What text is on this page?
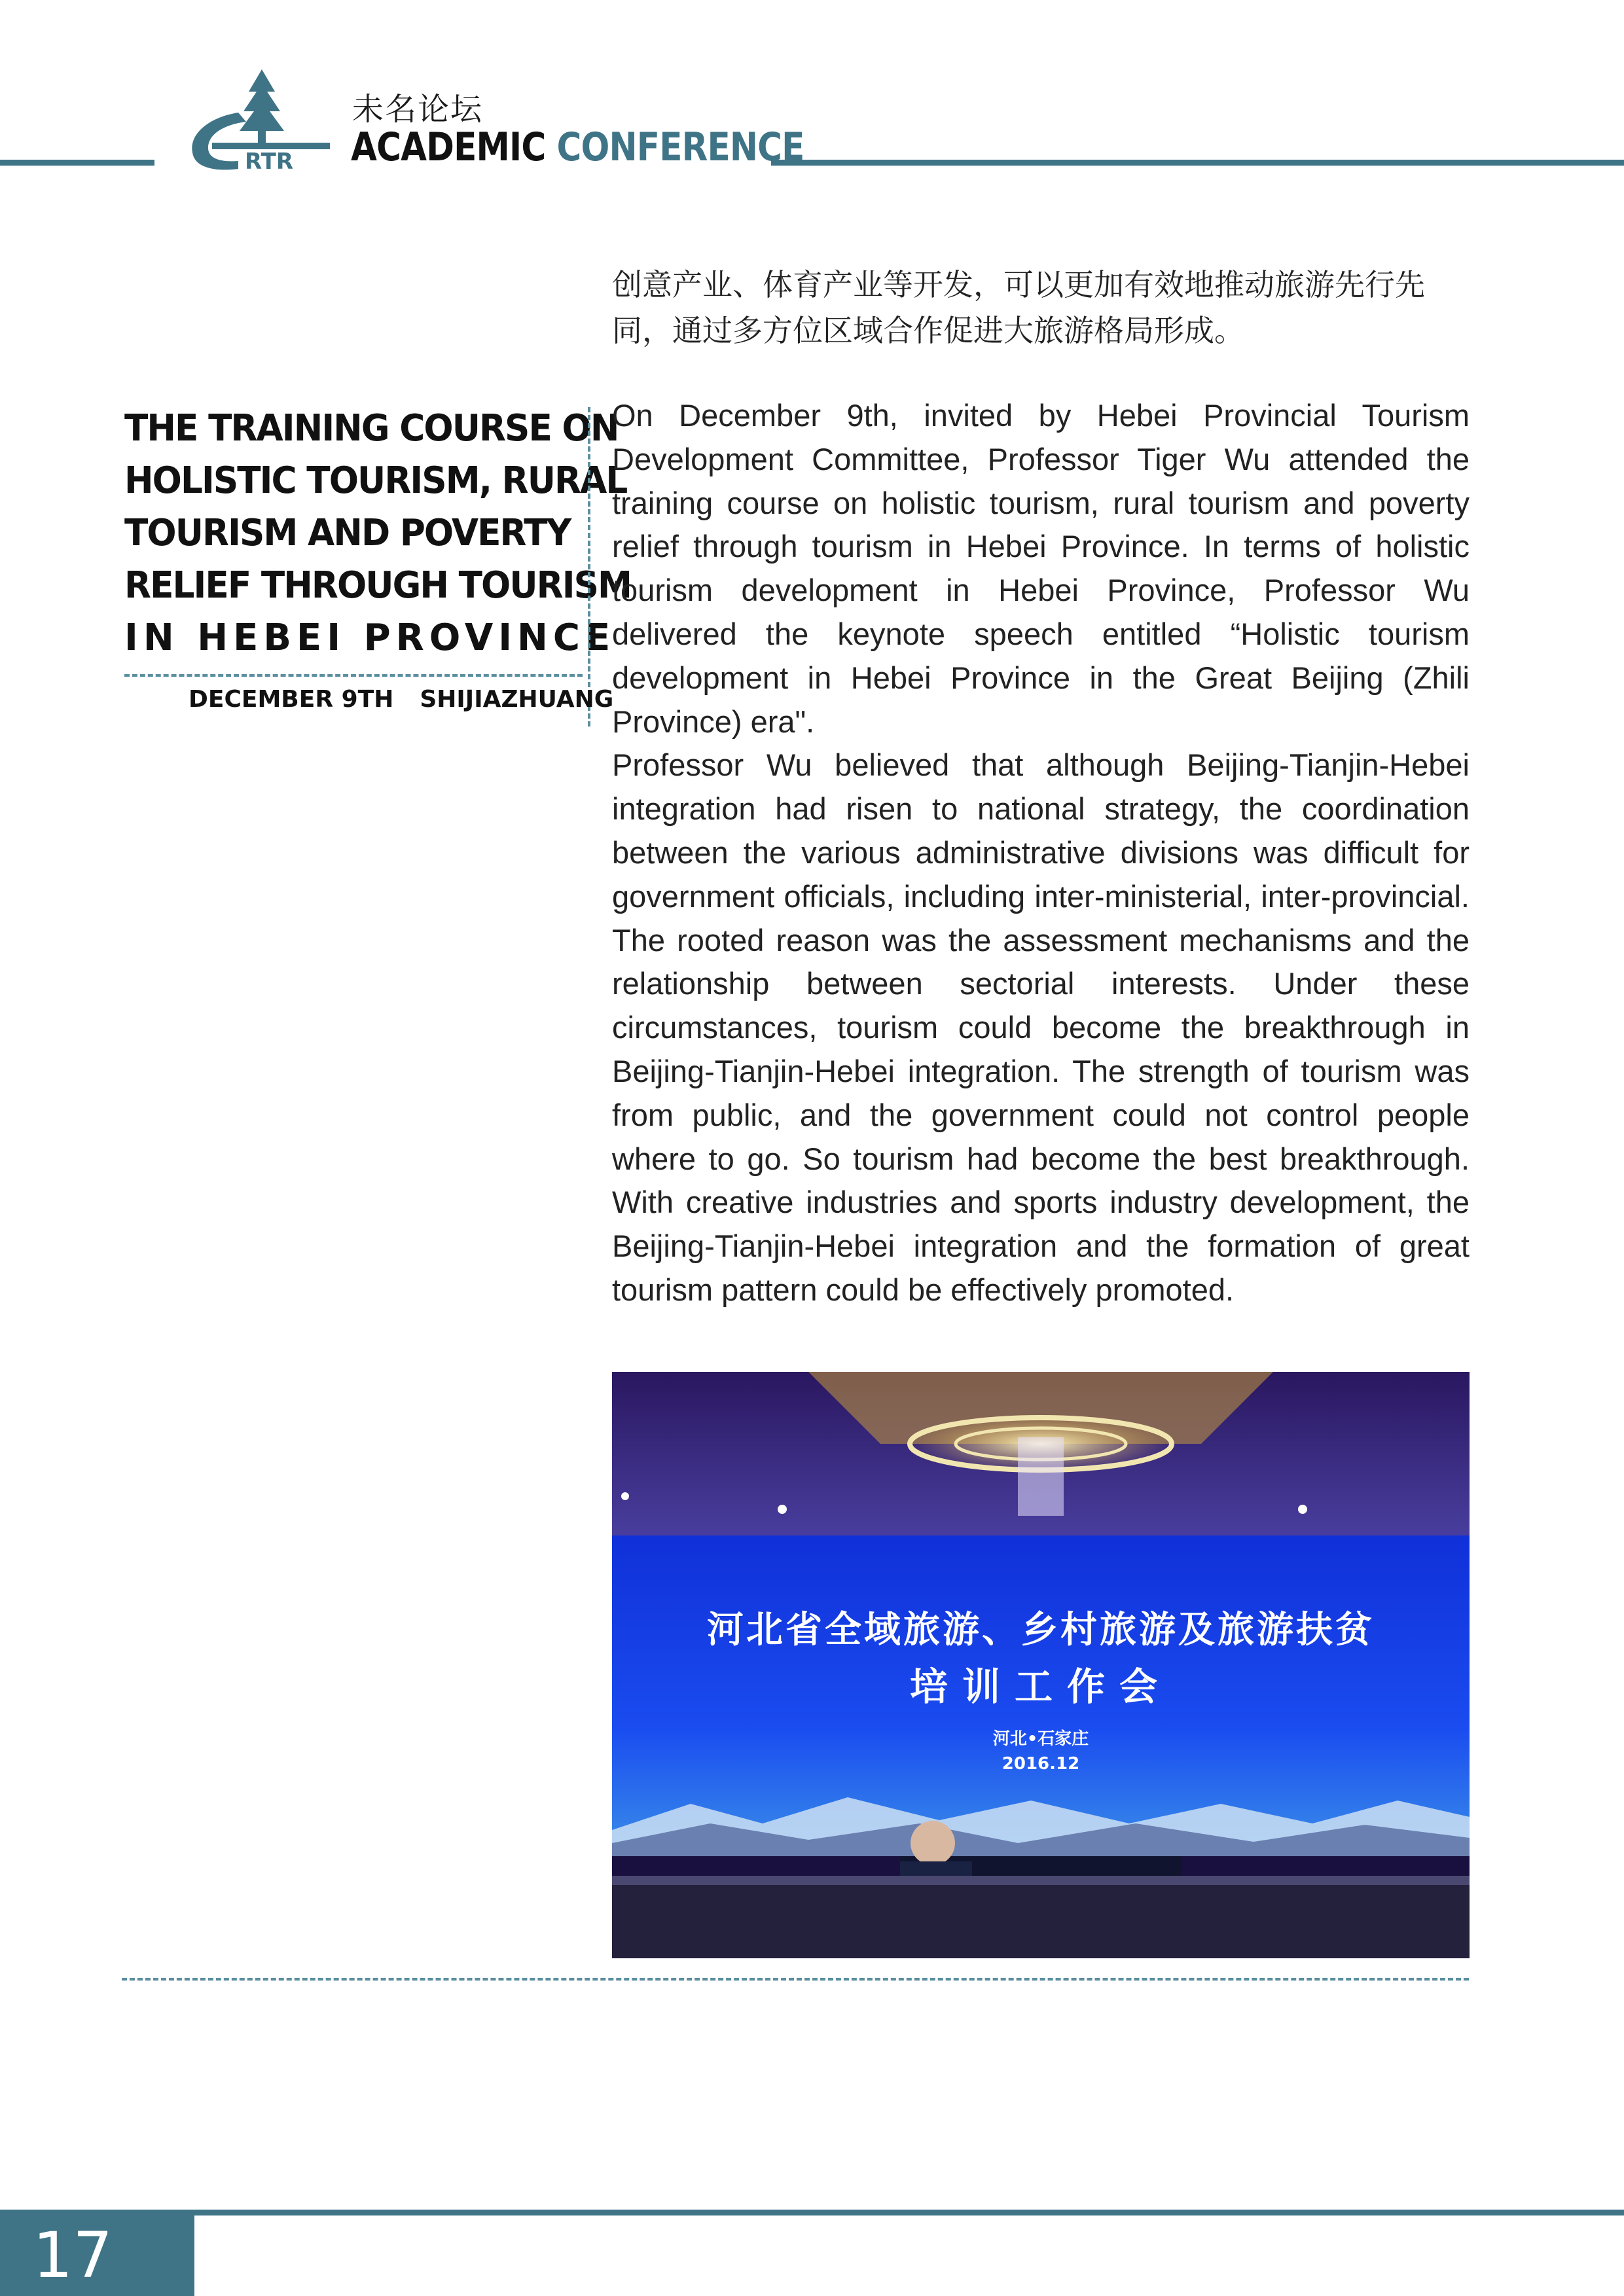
RTR
未名论坛
ACADEMIC CONFERENCE
THE TRAINING COURSE ON
HOLISTIC TOURISM, RURAL
TOURISM AND POVERTY
RELIEF THROUGH TOURISM
IN HEBEI PROVINCE
DECEMBER 9TH SHIJIAZHUANG
创意产业、体育产业等开发，可以更加有效地推动旅游先行先同，通过多方位区域合作促进大旅游格局形成。

On December 9th, invited by Hebei Provincial Tourism Development Committee, Professor Tiger Wu attended the training course on holistic tourism, rural tourism and poverty relief through tourism in Hebei Province. In terms of holistic tourism development in Hebei Province, Professor Wu delivered the keynote speech entitled “Holistic tourism development in Hebei Province in the Great Beijing (Zhili Province) era".

Professor Wu believed that although Beijing-Tianjin-Hebei integration had risen to national strategy, the coordination between the various administrative divisions was difficult for government officials, including inter-ministerial, inter-provincial. The rooted reason was the assessment mechanisms and the relationship between sectorial interests. Under these circumstances, tourism could become the breakthrough in Beijing-Tianjin-Hebei integration. The strength of tourism was from public, and the government could not control people where to go. So tourism had become the best breakthrough. With creative industries and sports industry development, the Beijing-Tianjin-Hebei integration and the formation of great tourism pattern could be effectively promoted.

河北省全域旅游、乡村旅游及旅游扶贫
培训工作会
河北•石家庄
2016.12
17
